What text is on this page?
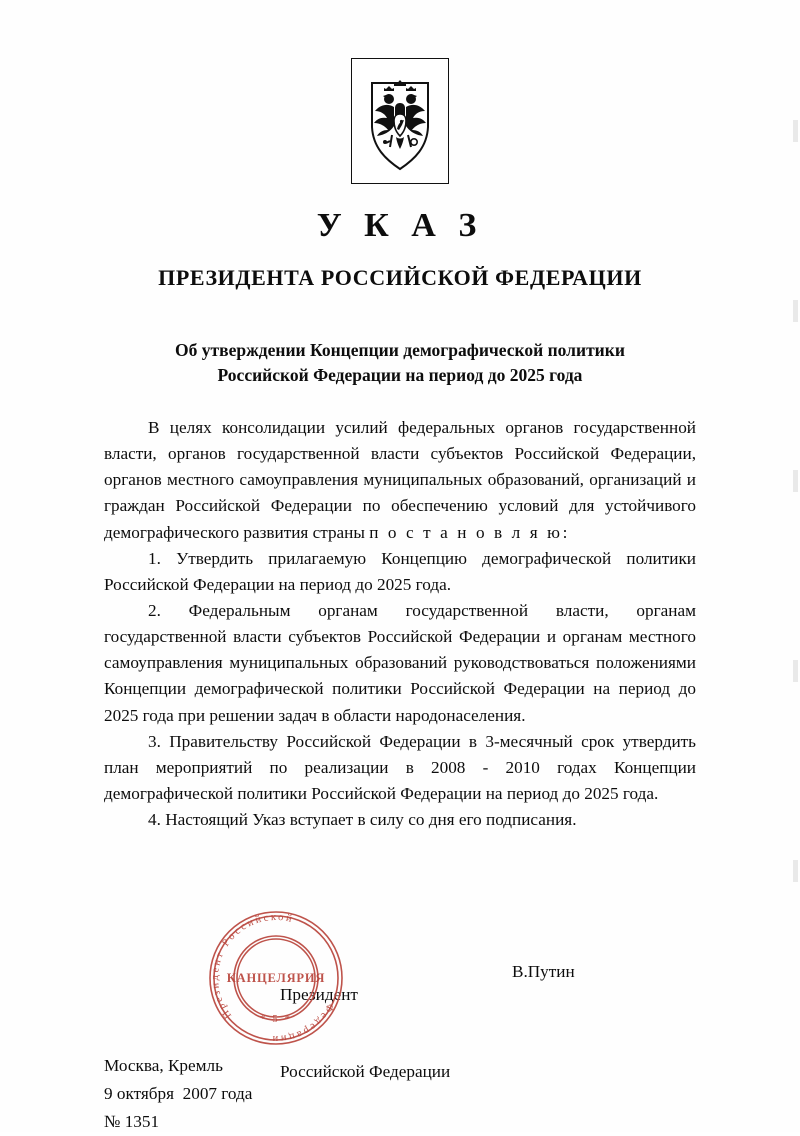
У К А З
ПРЕЗИДЕНТА РОССИЙСКОЙ ФЕДЕРАЦИИ
Об утверждении Концепции демографической политики
Российской Федерации на период до 2025 года

В целях консолидации усилий федеральных органов государственной власти, органов государственной власти субъектов Российской Федерации, органов местного самоуправления муниципальных образований, организаций и граждан Российской Федерации по обеспечению условий для устойчивого демографического развития страны п о с т а н о в л я ю:

1. Утвердить прилагаемую Концепцию демографической политики Российской Федерации на период до 2025 года.

2. Федеральным органам государственной власти, органам государственной власти субъектов Российской Федерации и органам местного самоуправления муниципальных образований руководствоваться положениями Концепции демографической политики Российской Федерации на период до 2025 года при решении задач в области народонаселения.

3. Правительству Российской Федерации в 3-месячный срок утвердить план мероприятий по реализации в 2008 - 2010 годах Концепции демографической политики Российской Федерации на период до 2025 года.

4. Настоящий Указ вступает в силу со дня его подписания.

Президент

Российской Федерации

В.Путин
Российской
Федерации
Президент
КАНЦЕЛЯРИЯ
* 5 *
Москва, Кремль
9 октября  2007 года
№ 1351
